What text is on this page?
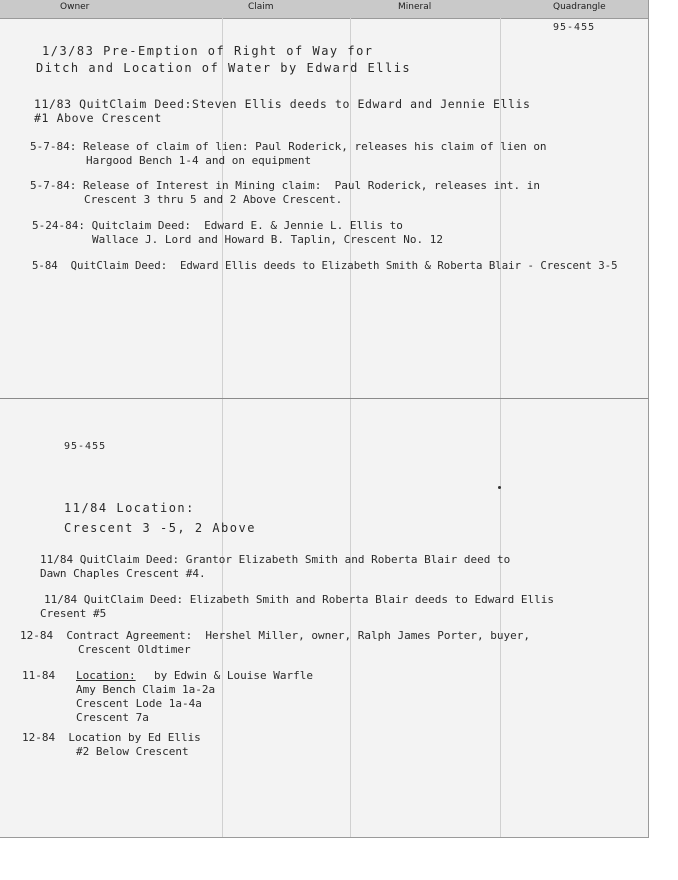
Owner	Claim	Mineral	Quadrangle
95-455
1/3/83 Pre-Emption of Right of Way for
Ditch and Location of Water by Edward Ellis
11/83 QuitClaim Deed:Steven Ellis deeds to Edward and Jennie Ellis
#1 Above Crescent
5-7-84: Release of claim of lien: Paul Roderick, releases his claim of lien on
Hargood Bench 1-4 and on equipment
5-7-84: Release of Interest in Mining claim:  Paul Roderick, releases int. in
Crescent 3 thru 5 and 2 Above Crescent.
5-24-84: Quitclaim Deed:  Edward E. & Jennie L. Ellis to
Wallace J. Lord and Howard B. Taplin, Crescent No. 12
5-84  QuitClaim Deed:  Edward Ellis deeds to Elizabeth Smith & Roberta Blair - Crescent 3-5
95-455
11/84 Location:
Crescent 3 -5, 2 Above
11/84 QuitClaim Deed: Grantor Elizabeth Smith and Roberta Blair deed to
Dawn Chaples Crescent #4.
11/84 QuitClaim Deed: Elizabeth Smith and Roberta Blair deeds to Edward Ellis
Cresent #5
12-84  Contract Agreement:  Hershel Miller, owner, Ralph James Porter, buyer,
Crescent Oldtimer
11-84 Location: by Edwin & Louise Warfle
Amy Bench Claim 1a-2a
Crescent Lode 1a-4a
Crescent 7a
12-84  Location by Ed Ellis
#2 Below Crescent
